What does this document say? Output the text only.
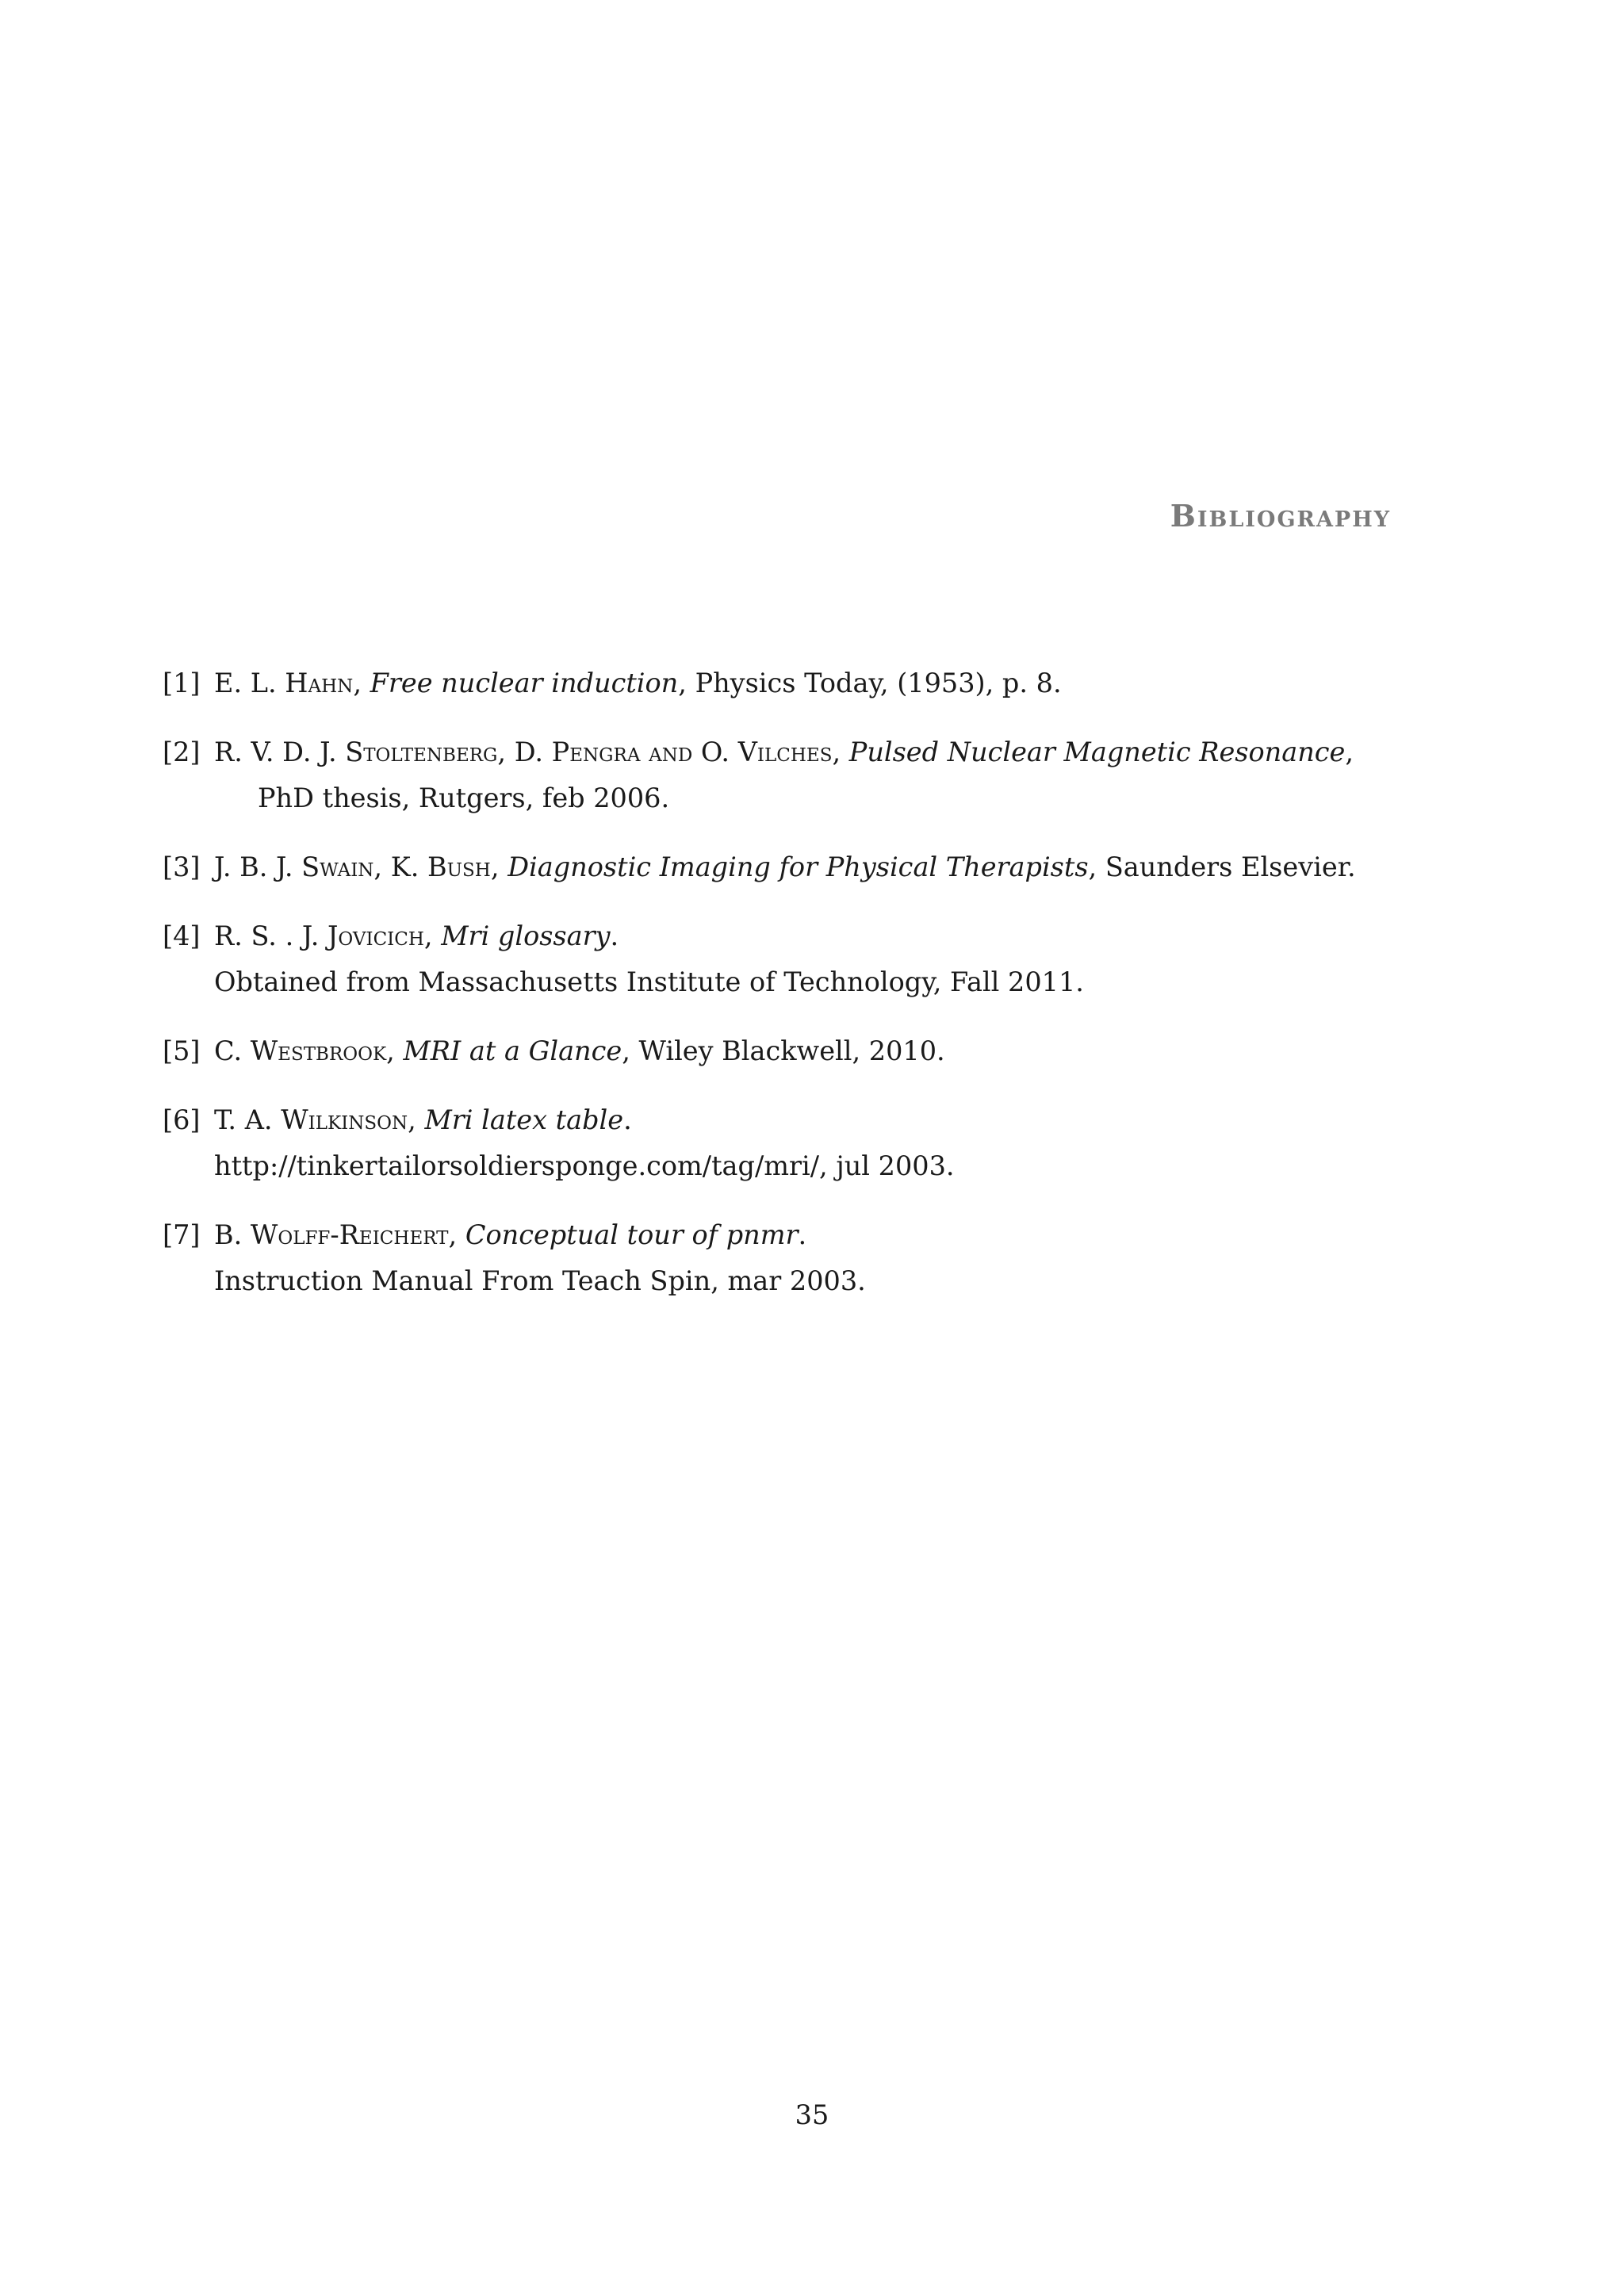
Bibliography
[1] E. L. Hahn, Free nuclear induction, Physics Today, (1953), p. 8.
[2] R. V. D. J. Stoltenberg, D. Pengra and O. Vilches, Pulsed Nuclear Magnetic Resonance,
PhD thesis, Rutgers, feb 2006.
[3] J. B. J. Swain, K. Bush, Diagnostic Imaging for Physical Therapists, Saunders Elsevier.
[4] R. S. . J. Jovicich, Mri glossary.
Obtained from Massachusetts Institute of Technology, Fall 2011.
[5] C. Westbrook, MRI at a Glance, Wiley Blackwell, 2010.
[6] T. A. Wilkinson, Mri latex table.
http://tinkertailorsoldiersponge.com/tag/mri/, jul 2003.
[7] B. Wolff-Reichert, Conceptual tour of pnmr.
Instruction Manual From Teach Spin, mar 2003.
35
